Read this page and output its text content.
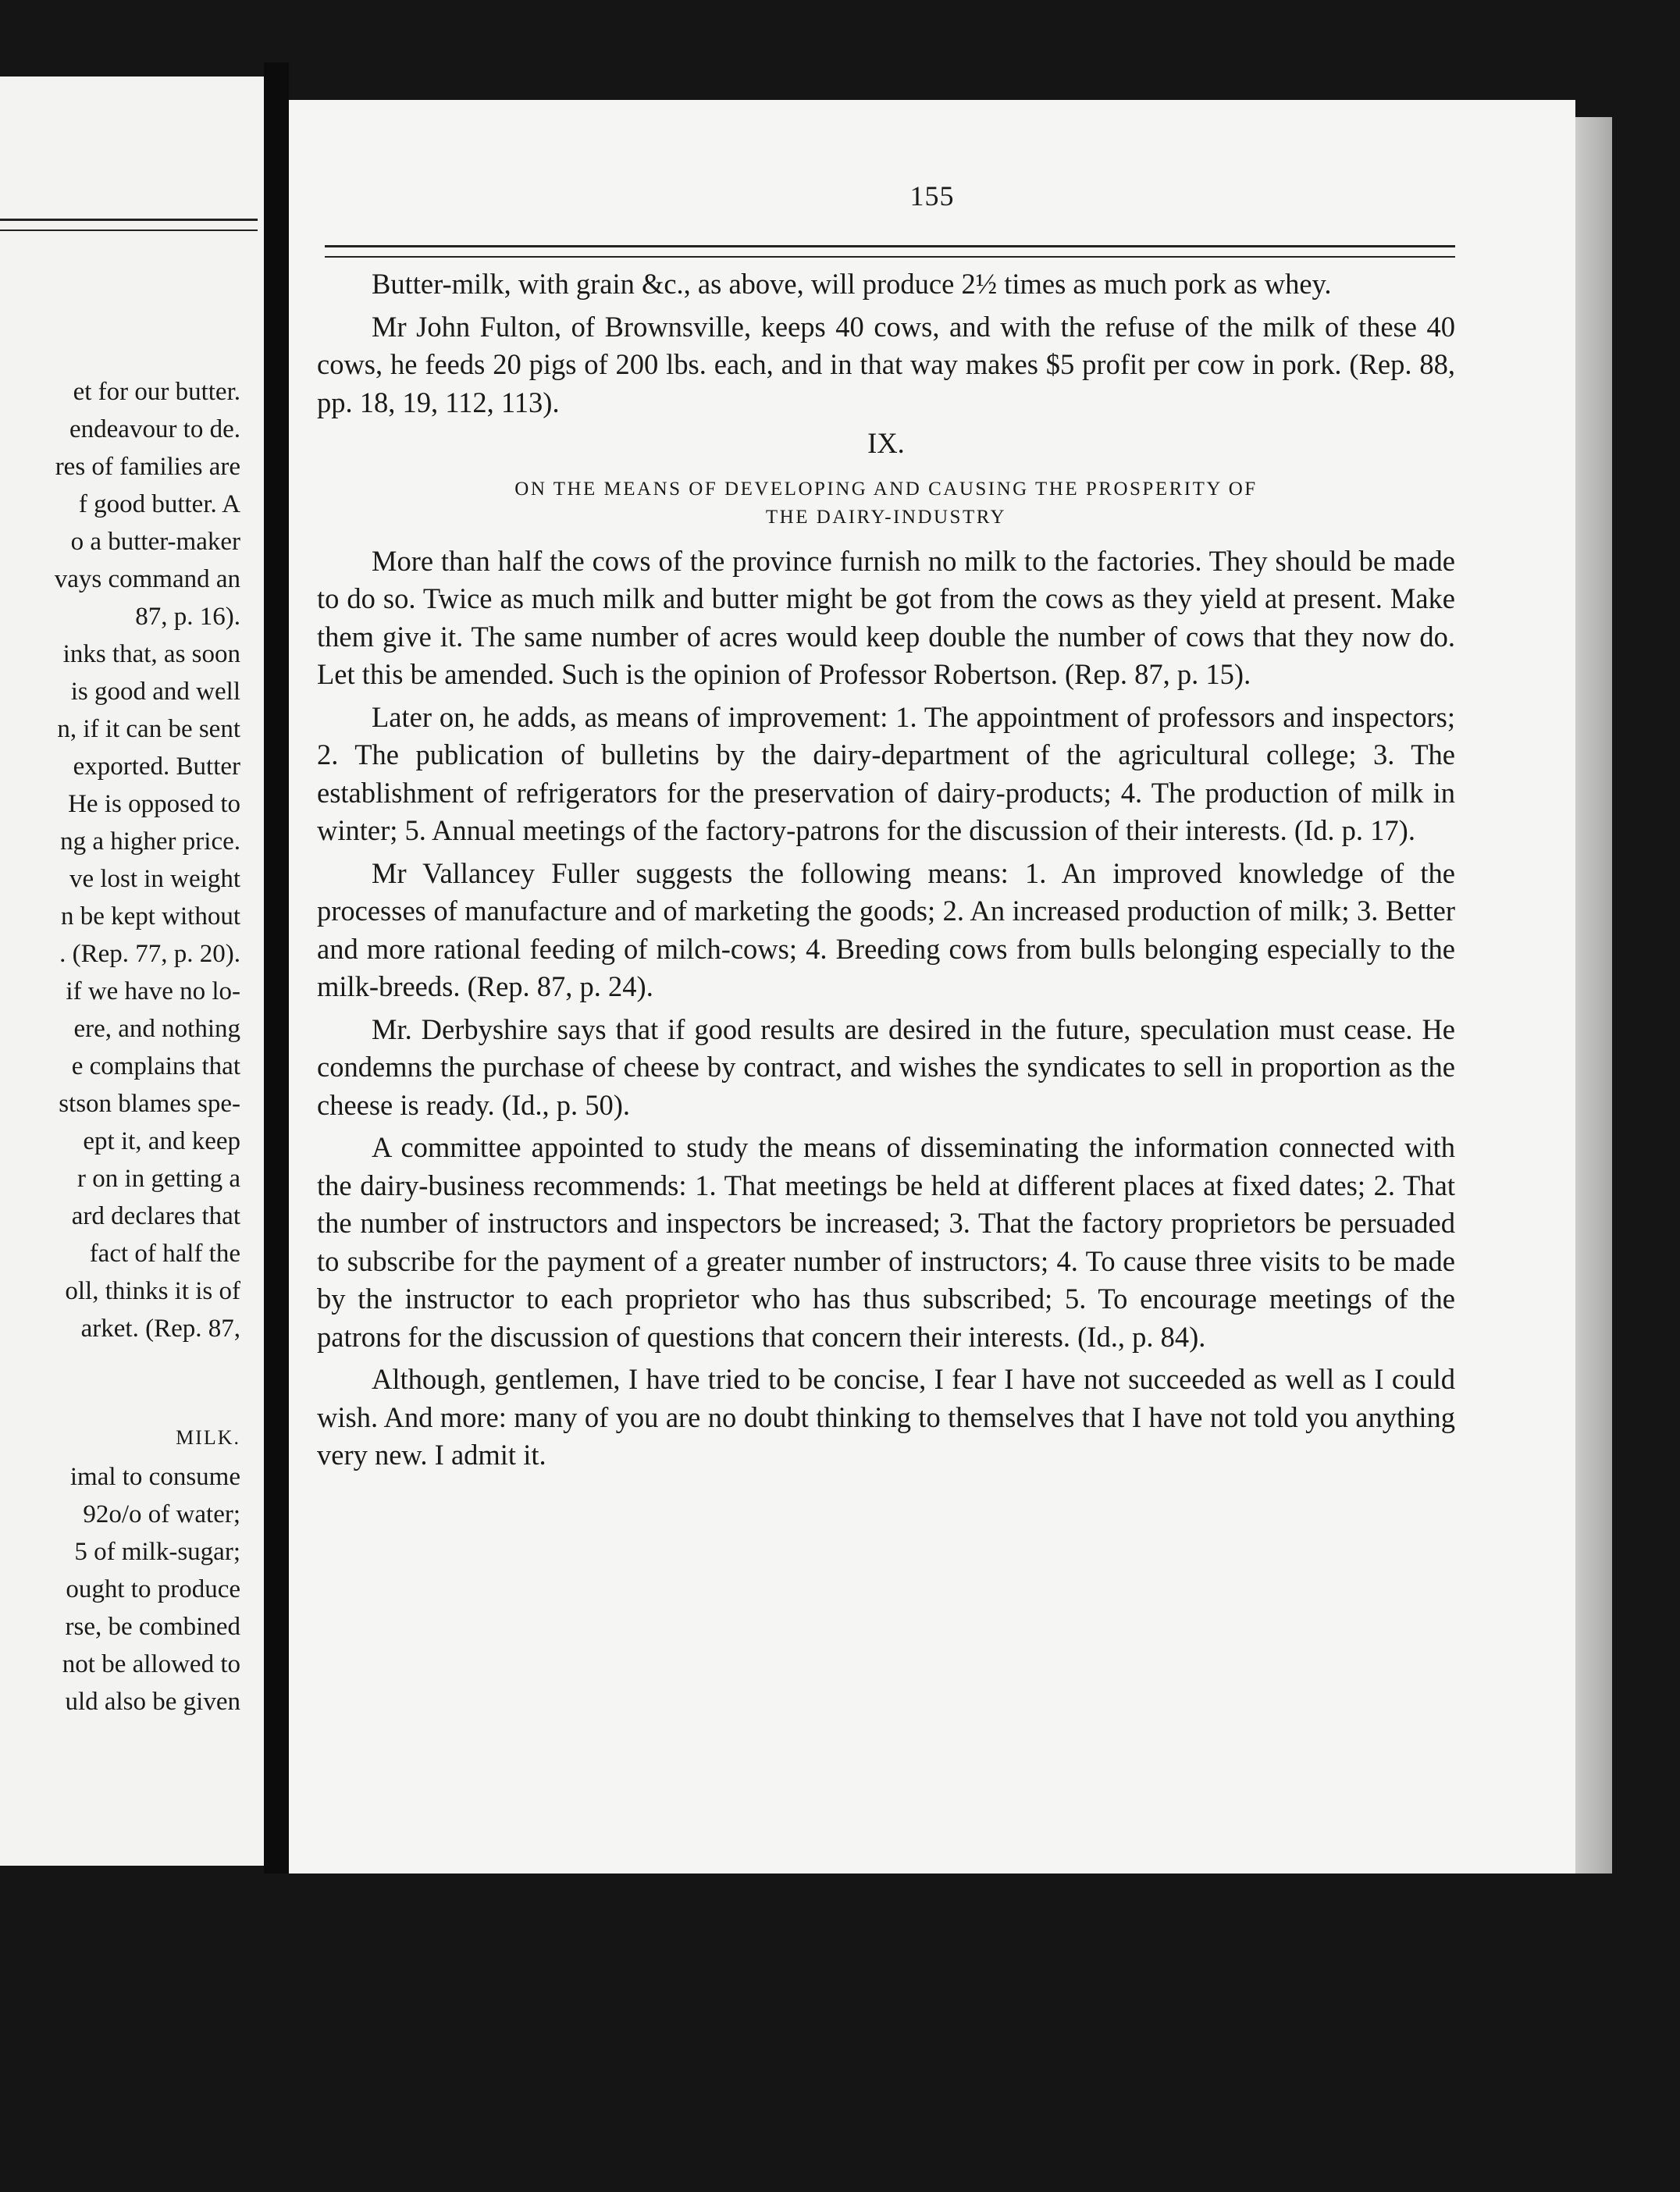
et for our butter.
endeavour to de.
res of families are
f good butter. A
o a butter-maker
vays command an
87, p. 16).
inks that, as soon
is good and well
n, if it can be sent
exported. Butter
He is opposed to
ng a higher price.
ve lost in weight
n be kept without
. (Rep. 77, p. 20).
if we have no lo-
ere, and nothing
e complains that
stson blames spe-
ept it, and keep
r on in getting a
ard declares that
fact of half the
oll, thinks it is of
arket. (Rep. 87,
MILK.
imal to consume
92o/o of water;
5 of milk-sugar;
ought to produce
rse, be combined
not be allowed to
uld also be given
155

Butter-milk, with grain &c., as above, will produce 2½ times as much pork as whey.

Mr John Fulton, of Brownsville, keeps 40 cows, and with the refuse of the milk of these 40 cows, he feeds 20 pigs of 200 lbs. each, and in that way makes $5 profit per cow in pork. (Rep. 88, pp. 18, 19, 112, 113).

IX.

ON THE MEANS OF DEVELOPING AND CAUSING THE PROSPERITY OF
THE DAIRY-INDUSTRY

More than half the cows of the province furnish no milk to the factories. They should be made to do so. Twice as much milk and butter might be got from the cows as they yield at present. Make them give it. The same number of acres would keep double the number of cows that they now do. Let this be amended. Such is the opinion of Professor Robertson. (Rep. 87, p. 15).

Later on, he adds, as means of improvement: 1. The appointment of professors and inspectors; 2. The publication of bulletins by the dairy-department of the agricultural college; 3. The establishment of refrigerators for the preservation of dairy-products; 4. The production of milk in winter; 5. Annual meetings of the factory-patrons for the discussion of their interests. (Id. p. 17).

Mr Vallancey Fuller suggests the following means: 1. An improved knowledge of the processes of manufacture and of marketing the goods; 2. An increased production of milk; 3. Better and more rational feeding of milch-cows; 4. Breeding cows from bulls belonging especially to the milk-breeds. (Rep. 87, p. 24).

Mr. Derbyshire says that if good results are desired in the future, speculation must cease. He condemns the purchase of cheese by contract, and wishes the syndicates to sell in proportion as the cheese is ready. (Id., p. 50).

A committee appointed to study the means of disseminating the information connected with the dairy-business recommends: 1. That meetings be held at different places at fixed dates; 2. That the number of instructors and inspectors be increased; 3. That the factory proprietors be persuaded to subscribe for the payment of a greater number of instructors; 4. To cause three visits to be made by the instructor to each proprietor who has thus subscribed; 5. To encourage meetings of the patrons for the discussion of questions that concern their interests. (Id., p. 84).

Although, gentlemen, I have tried to be concise, I fear I have not succeeded as well as I could wish. And more: many of you are no doubt thinking to themselves that I have not told you anything very new. I admit it.
